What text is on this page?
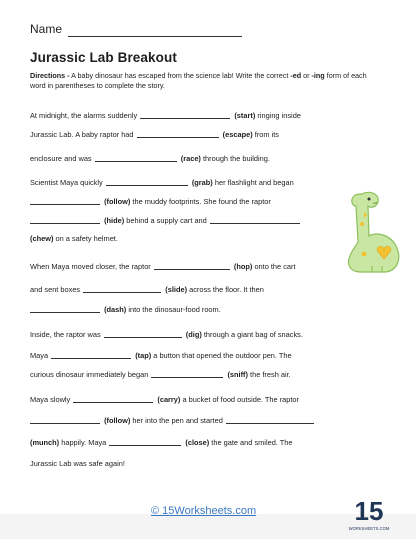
Name
Jurassic Lab Breakout
Directions - A baby dinosaur has escaped from the science lab! Write the correct -ed or -ing form of each word in parentheses to complete the story.
At midnight, the alarms suddenly	(start) ringing inside
Jurassic Lab. A baby raptor had	(escape) from its
enclosure and was	(race) through the building.
Scientist Maya quickly	(grab) her flashlight and began
(follow) the muddy footprints. She found the raptor
(hide) behind a supply cart and
(chew) on a safety helmet.
When Maya moved closer, the raptor	(hop) onto the cart
and sent boxes	(slide) across the floor. It then
(dash) into the dinosaur-food room.
Inside, the raptor was	(dig) through a giant bag of snacks.
Maya	(tap) a button that opened the outdoor pen. The
curious dinosaur immediately began	(sniff) the fresh air.
Maya slowly	(carry) a bucket of food outside. The raptor
(follow) her into the pen and started
(munch) happily. Maya	(close) the gate and smiled. The
Jurassic Lab was safe again!
© 15Worksheets.com	15
WORKSHEETS.COM
